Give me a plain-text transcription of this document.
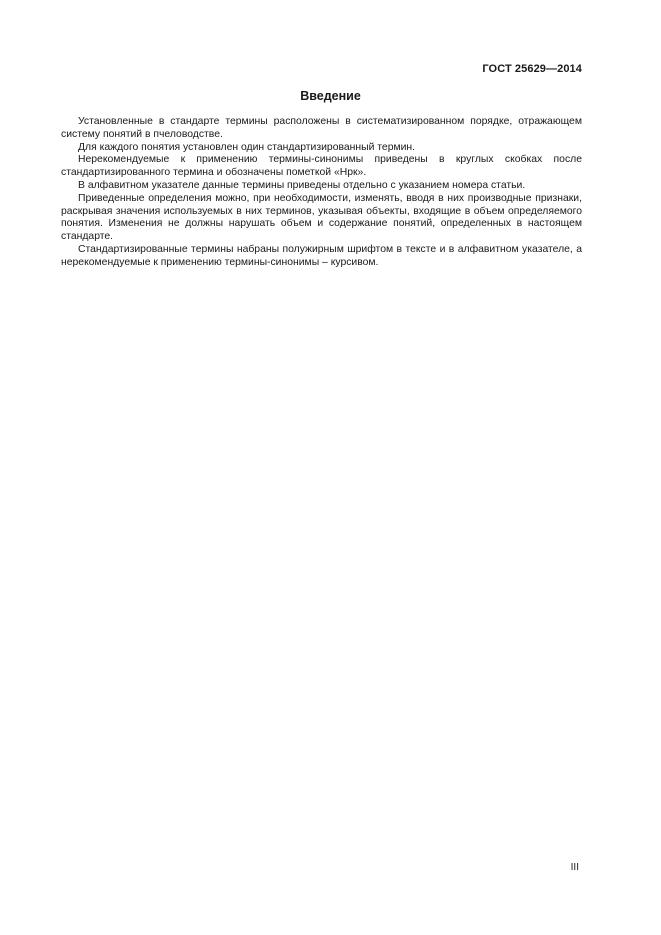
ГОСТ 25629—2014
Введение

Установленные в стандарте термины расположены в систематизированном порядке, отражающем систему понятий в пчеловодстве.

Для каждого понятия установлен один стандартизированный термин.

Нерекомендуемые к применению термины-синонимы приведены в круглых скобках после стандартизированного термина и обозначены пометкой «Нрк».

В алфавитном указателе данные термины приведены отдельно с указанием номера статьи.

Приведенные определения можно, при необходимости, изменять, вводя в них производные признаки, раскрывая значения используемых в них терминов, указывая объекты, входящие в объем определяемого понятия. Изменения не должны нарушать объем и содержание понятий, определенных в настоящем стандарте.

Стандартизированные термины набраны полужирным шрифтом в тексте и в алфавитном указателе, а нерекомендуемые к применению термины-синонимы – курсивом.

III
